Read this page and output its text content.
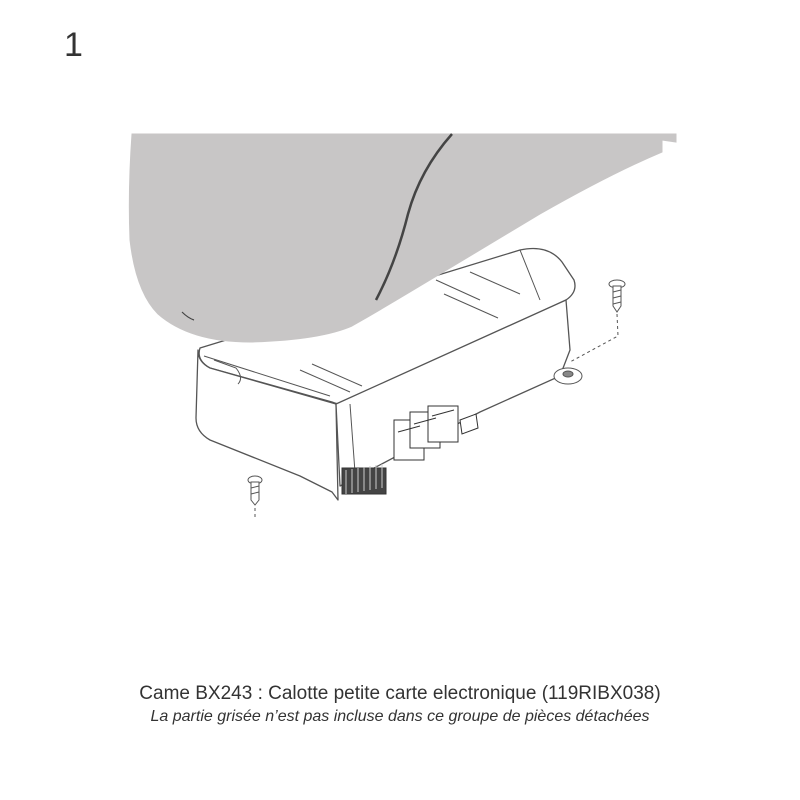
1
Came BX243 : Calotte petite carte electronique (119RIBX038)
La partie grisée n’est pas incluse dans ce groupe de pièces détachées
